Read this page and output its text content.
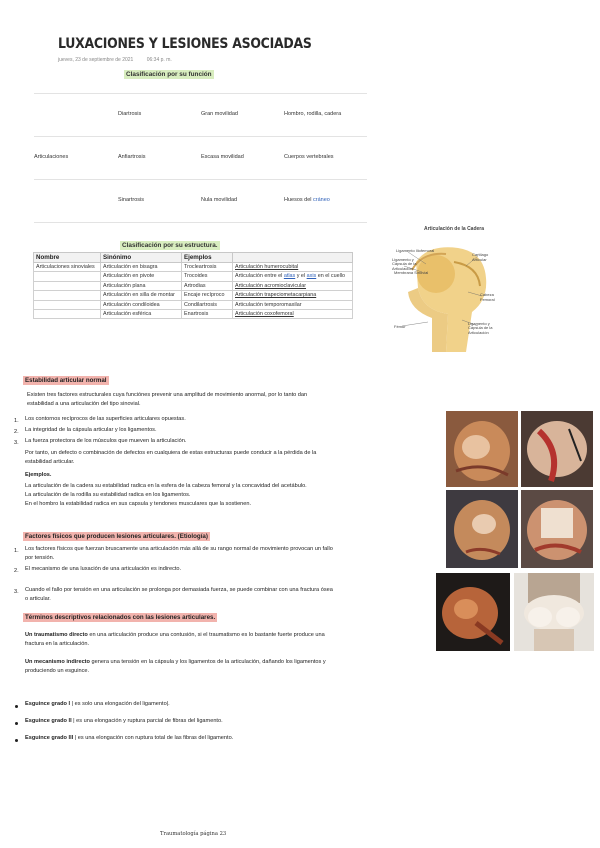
LUXACIONES Y LESIONES ASOCIADAS
jueves, 23 de septiembre de 2021	06:34 p. m.
Clasificación por su función
Articulaciones
Diartrosis	Gran movilidad	Hombro, rodilla, cadera
Anfiartrosis	Escasa movilidad	Cuerpos vertebrales
Sinartrosis	Nula movilidad	Huesos del cráneo
Clasificación por su estructura.
Nombre	Sinónimo	Ejemplos	
Articulaciones sinoviales	Articulación en bisagra	Trocleartrosis	Articulación humerocubital
	Articulación en pivote	Trocoides	Articulación entre el atlas y el axis en el cuello
	Articulación plana	Artrodias	Articulación acromioclavicular
	Articulación en silla de montar	Encaje recíproco	Articulación trapeciometacarpiana
	Articulación condiloidea	Condilartrosis	Articulación temporomaxilar
	Articulación esférica	Enartrosis	Articulación coxofemoral
Articulación de la Cadera
Ligamento Iliofemoral
Ligamento y Cápsula de la Articulación
Membrana Sinovial
Fémur
Cartílago Articular
Cabeza Femoral
Ligamento y Cápsula de la Articulación
Estabilidad articular normal
Existen tres factores estructurales cuya funciónes prevenir una amplitud de movimiento anormal, por lo tanto dan
estabilidad a una articulación del tipo sinovial.
1. Los contornos recíprocos de las superficies articulares opuestas.
2. La integridad de la cápsula articular y los ligamentos.
3. La fuerza protectora de los músculos que mueven la articulación.
Por tanto, un defecto o combinación de defectos en cualquiera de estas estructuras puede conducir a la pérdida de la
estabilidad articular.
Ejemplos.
La articulación de la cadera su estabilidad radica en la esfera de la cabeza femoral y la concavidad del acetábulo.
La articulación de la rodilla su estabilidad radica en los ligamentos.
En el hombro la estabilidad radica en sus capsula y tendones musculares que la sostienen.
Factores físicos que producen lesiones articulares. (Etiología)
1. Los factores físicos que fuerzan bruscamente una articulación más allá de su rango normal de movimiento provocan un fallo
por tensión.
2. El mecanismo de una luxación de una articulación es indirecto.
3. Cuando el fallo por tensión en una articulación se prolonga por demasiada fuerza, se puede combinar con una fractura ósea
o articular.
Términos descriptivos relacionados con las lesiones articulares.
Un traumatismo directo en una articulación produce una contusión, si el traumatismo es lo bastante fuerte produce una
fractura en la articulación.
Un mecanismo indirecto genera una tensión en la cápsula y los ligamentos de la articulación, dañando los ligamentos y
produciendo un esguince.
Esguince grado I | es solo una elongación del ligamento|.
Esguince grado II | es una elongación y ruptura parcial de fibras del ligamento.
Esguince grado III | es una elongación con ruptura total de las fibras del ligamento.
Traumatología página 23
